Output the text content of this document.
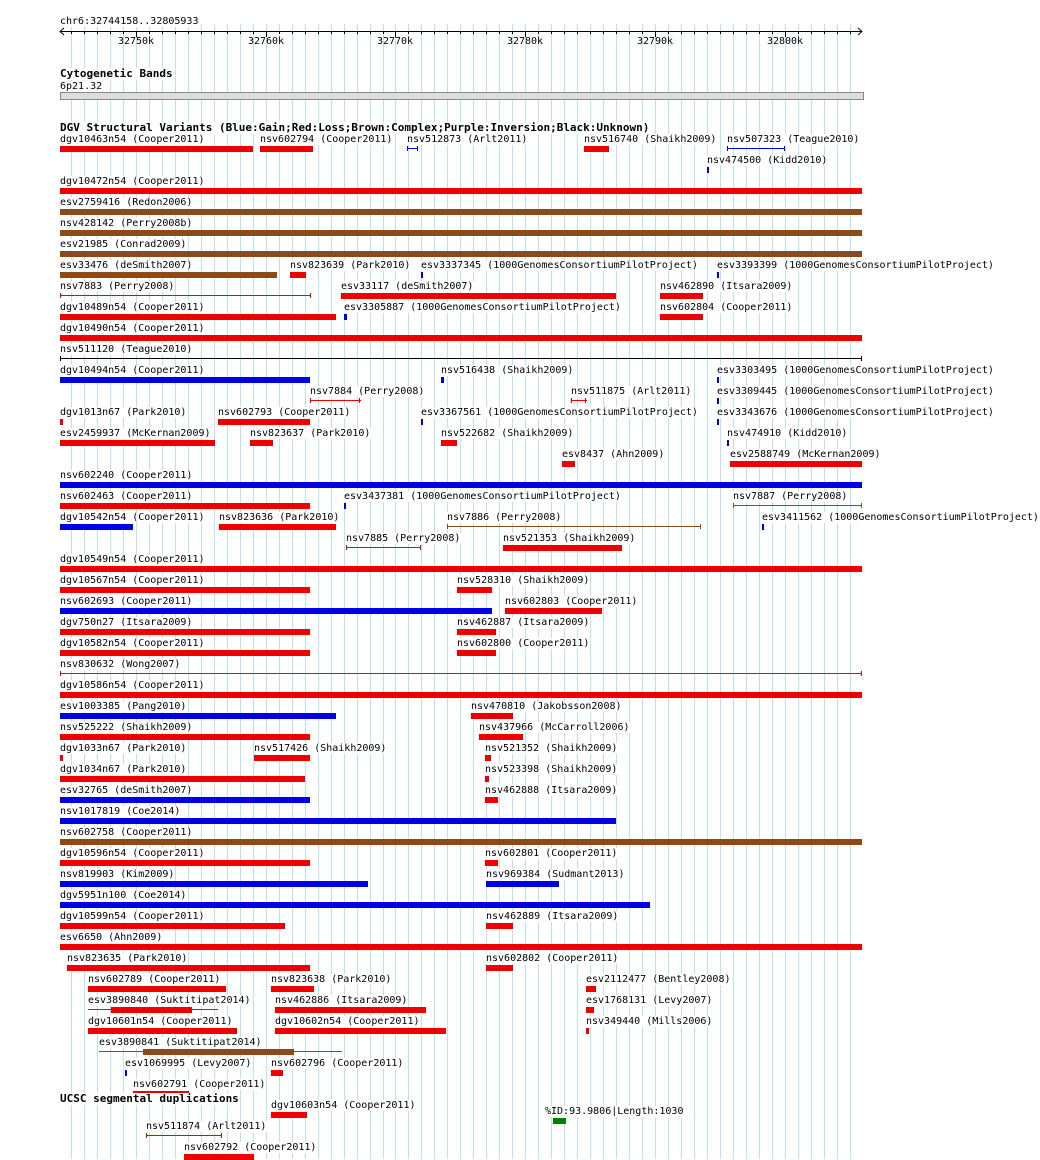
32750k	32760k	32770k	32780k	32790k	32800k
chr6:32744158..32805933
Cytogenetic Bands
6p21.32
DGV Structural Variants (Blue:Gain;Red:Loss;Brown:Complex;Purple:Inversion;Black:Unknown)
dgv10463n54 (Cooper2011)	nsv602794 (Cooper2011) nsv512873 (Arlt2011)	nsv516740 (Shaikh2009)
nsv474500 (Kidd2010)
dgv10472n54 (Cooper2011)
esv2759416 (Redon2006)
nsv428142 (Perry2008b)
esv21985 (Conrad2009)
esv33476 (deSmith2007)	nsv823639 (Park2010) esv3337345 (1000GenomesConsortiumPilotProject) esv3393399 (1000GenomesConsortiumPilotProject)
nsv7883 (Perry2008)	esv33117 (deSmith2007)	nsv462890 (Itsara2009)
dgv10489n54 (Cooper2011)	esv3305887 (1000GenomesConsortiumPilotProject)	nsv602804 (Cooper2011)
dgv10490n54 (Cooper2011)
nsv511120 (Teague2010)
dgv10494n54 (Cooper2011)
nsv7884 (Perry2008)
nsv516438 (Shaikh2009)
nsv511875 (Arlt2011)
esv3303495 (1000GenomesConsortiumPilotProject)
dgv1013n67 (Park2010)	nsv602793 (Cooper2011)	esv3367561 (1000GenomesConsortiumPilotProject)
esv3309445 (1000GenomesConsortiumPilotProject)
esv2459937 (McKernan2009)	nsv823637 (Park2010)	nsv522682 (Shaikh2009)
esv8437 (Ahn2009)
esv3343676 (1000GenomesConsortiumPilotProject)
nsv602240 (Cooper2011)
nsv602463 (Cooper2011)	esv3437381 (1000GenomesConsortiumPilotProject)
nsv507323 (Teague2010)
dgv10542n54 (Cooper2011) nsv823636 (Park2010)
nsv7885 (Perry2008)
nsv7886 (Perry2008)
nsv474910 (Kidd2010)
dgv10549n54 (Cooper2011)
dgv10567n54 (Cooper2011)	nsv528310 (Shaikh2009)
esv2588749 (McKernan2009)
nsv602693 (Cooper2011)
nsv521353 (Shaikh2009)
nsv7887 (Perry2008)
dgv750n27 (Itsara2009)	nsv462887 (Itsara2009)
esv3411562 (1000GenomesConsortiumPilotProject)
dgv10582n54 (Cooper2011)	nsv602800 (Cooper2011)
nsv830632 (Wong2007)
dgv10586n54 (Cooper2011)
esv1003385 (Pang2010)	nsv470810 (Jakobsson2008)
nsv525222 (Shaikh2009)	nsv437966 (McCarroll2006)
dgv1033n67 (Park2010)	nsv517426 (Shaikh2009)	nsv521352 (Shaikh2009)
dgv1034n67 (Park2010)	nsv523398 (Shaikh2009)
esv32765 (deSmith2007)	nsv462888 (Itsara2009)
nsv1017819 (Coe2014)
nsv602758 (Cooper2011)
dgv10596n54 (Cooper2011)	nsv602801 (Cooper2011)
nsv819903 (Kim2009)	nsv969384 (Sudmant2013)
dgv5951n100 (Coe2014)
dgv10599n54 (Cooper2011)	nsv462889 (Itsara2009)
esv6650 (Ahn2009)
nsv823635 (Park2010)	nsv602802 (Cooper2011)
nsv602789 (Cooper2011)	nsv823638 (Park2010)
nsv602803 (Cooper2011)
esv3890840 (Suktitipat2014) nsv462886 (Itsara2009)
esv2112477 (Bentley2008)
dgv10601n54 (Cooper2011)	dgv10602n54 (Cooper2011)
esv1768131 (Levy2007)
esv3890841 (Suktitipat2014)
nsv349440 (Mills2006)
esv1069995 (Levy2007) nsv602796 (Cooper2011)
nsv602791 (Cooper2011)
dgv10603n54 (Cooper2011)
nsv511874 (Arlt2011)
nsv602792 (Cooper2011)
UCSC segmental duplications
%ID:93.9806|Length:1030
